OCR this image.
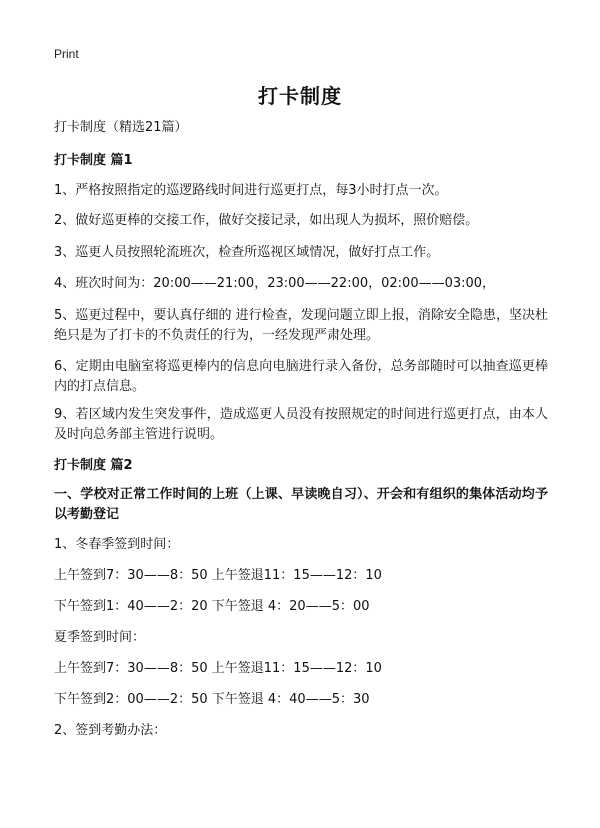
Print
打卡制度
打卡制度（精选21篇）
打卡制度 篇1
1、严格按照指定的巡逻路线时间进行巡更打点，每3小时打点一次。
2、做好巡更棒的交接工作，做好交接记录，如出现人为损坏，照价赔偿。
3、巡更人员按照轮流班次，检查所巡视区域情况，做好打点工作。
4、班次时间为：20:00——21:00，23:00——22:00，02:00——03:00，
5、巡更过程中，要认真仔细的 进行检查，发现问题立即上报，消除安全隐患，坚决杜绝只是为了打卡的不负责任的行为，一经发现严肃处理。
6、定期由电脑室将巡更棒内的信息向电脑进行录入备份，总务部随时可以抽查巡更棒内的打点信息。
9、若区域内发生突发事件，造成巡更人员没有按照规定的时间进行巡更打点，由本人及时向总务部主管进行说明。
打卡制度 篇2
一、学校对正常工作时间的上班（上课、早读晚自习）、开会和有组织的集体活动均予以考勤登记
1、冬春季签到时间：
上午签到7：30——8：50 上午签退11：15——12：10
下午签到1：40——2：20 下午签退 4：20——5：00
夏季签到时间：
上午签到7：30——8：50 上午签退11：15——12：10
下午签到2：00——2：50 下午签退 4：40——5：30
2、签到考勤办法：
